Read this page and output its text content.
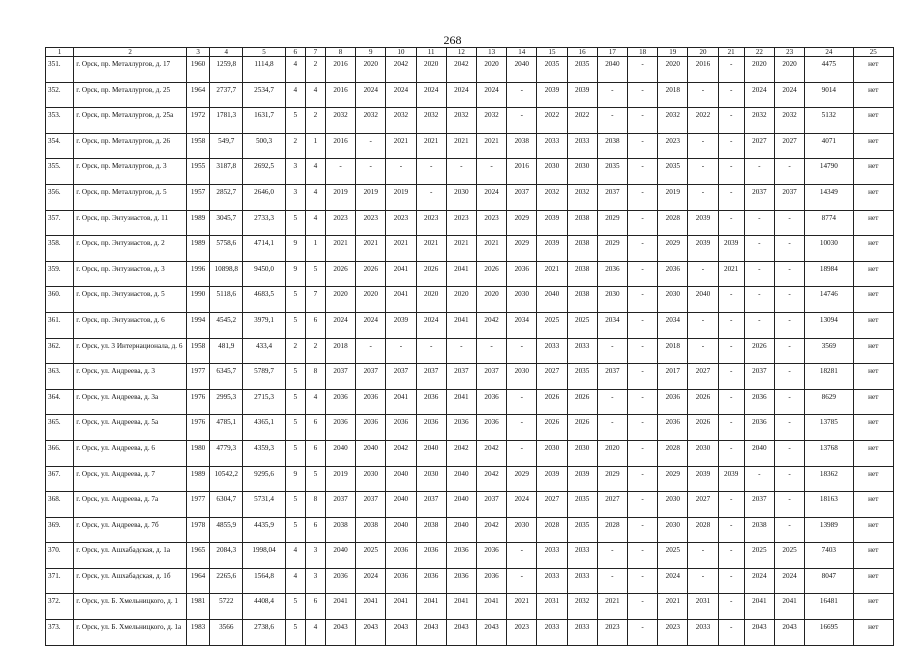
268
1	2	3	4	5	6	7	8	9	10	11	12	13	14	15	16	17	18	19	20	21	22	23	24	25
351.	г. Орск, пр. Металлургов, д. 17	1960	1259,8	1114,8	4	2	2016	2020	2042	2020	2042	2020	2040	2035	2035	2040	-	2020	2016	-	2020	2020	4475	нет
352.	г. Орск, пр. Металлургов, д. 25	1964	2737,7	2534,7	4	4	2016	2024	2024	2024	2024	2024	-	2039	2039	-	-	2018	-	-	2024	2024	9014	нет
353.	г. Орск, пр. Металлургов, д. 25а	1972	1781,3	1631,7	5	2	2032	2032	2032	2032	2032	2032	-	2022	2022	-	-	2032	2022	-	2032	2032	5132	нет
354.	г. Орск, пр. Металлургов, д. 26	1958	549,7	500,3	2	1	2016	-	2021	2021	2021	2021	2038	2033	2033	2038	-	2023	-	-	2027	2027	4071	нет
355.	г. Орск, пр. Металлургов, д. 3	1955	3187,8	2692,5	3	4	-	-	-	-	-	-	2016	2030	2030	2035	-	2035	-	-	-	-	14790	нет
356.	г. Орск, пр. Металлургов, д. 5	1957	2852,7	2646,0	3	4	2019	2019	2019	-	2030	2024	2037	2032	2032	2037	-	2019	-	-	2037	2037	14349	нет
357.	г. Орск, пр. Энтузиастов, д. 11	1989	3045,7	2733,3	5	4	2023	2023	2023	2023	2023	2023	2029	2039	2038	2029	-	2028	2039	-	-	-	8774	нет
358.	г. Орск, пр. Энтузиастов, д. 2	1989	5758,6	4714,1	9	1	2021	2021	2021	2021	2021	2021	2029	2039	2038	2029	-	2029	2039	2039	-	-	10030	нет
359.	г. Орск, пр. Энтузиастов, д. 3	1996	10898,8	9450,0	9	5	2026	2026	2041	2026	2041	2026	2036	2021	2038	2036	-	2036	-	2021	-	-	18984	нет
360.	г. Орск, пр. Энтузиастов, д. 5	1990	5118,6	4683,5	5	7	2020	2020	2041	2020	2020	2020	2030	2040	2038	2030	-	2030	2040	-	-	-	14746	нет
361.	г. Орск, пр. Энтузиастов, д. 6	1994	4545,2	3979,1	5	6	2024	2024	2039	2024	2041	2042	2034	2025	2025	2034	-	2034	-	-	-	-	13094	нет
362.	г. Орск, ул. 3 Интернационала, д. 6	1958	481,9	433,4	2	2	2018	-	-	-	-	-	-	2033	2033	-	-	2018	-	-	2026	-	3569	нет
363.	г. Орск, ул. Андреева, д. 3	1977	6345,7	5789,7	5	8	2037	2037	2037	2037	2037	2037	2030	2027	2035	2037	-	2017	2027	-	2037	-	18281	нет
364.	г. Орск, ул. Андреева, д. 3а	1976	2995,3	2715,3	5	4	2036	2036	2041	2036	2041	2036	-	2026	2026	-	-	2036	2026	-	2036	-	8629	нет
365.	г. Орск, ул. Андреева, д. 5а	1976	4785,1	4365,1	5	6	2036	2036	2036	2036	2036	2036	-	2026	2026	-	-	2036	2026	-	2036	-	13785	нет
366.	г. Орск, ул. Андреева, д. 6	1980	4779,3	4359,3	5	6	2040	2040	2042	2040	2042	2042	-	2030	2030	2020	-	2028	2030	-	2040	-	13768	нет
367.	г. Орск, ул. Андреева, д. 7	1989	10542,2	9295,6	9	5	2019	2030	2040	2030	2040	2042	2029	2039	2039	2029	-	2029	2039	2039	-	-	18362	нет
368.	г. Орск, ул. Андреева, д. 7а	1977	6304,7	5731,4	5	8	2037	2037	2040	2037	2040	2037	2024	2027	2035	2027	-	2030	2027	-	2037	-	18163	нет
369.	г. Орск, ул. Андреева, д. 7б	1978	4855,9	4435,9	5	6	2038	2038	2040	2038	2040	2042	2030	2028	2035	2028	-	2030	2028	-	2038	-	13989	нет
370.	г. Орск, ул. Ашхабадская, д. 1а	1965	2084,3	1998,04	4	3	2040	2025	2036	2036	2036	2036	-	2033	2033	-	-	2025	-	-	2025	2025	7403	нет
371.	г. Орск, ул. Ашхабадская, д. 1б	1964	2265,6	1564,8	4	3	2036	2024	2036	2036	2036	2036	-	2033	2033	-	-	2024	-	-	2024	2024	8047	нет
372.	г. Орск, ул. Б. Хмельницкого, д. 1	1981	5722	4408,4	5	6	2041	2041	2041	2041	2041	2041	2021	2031	2032	2021	-	2021	2031	-	2041	2041	16481	нет
373.	г. Орск, ул. Б. Хмельницкого, д. 1а	1983	3566	2738,6	5	4	2043	2043	2043	2043	2043	2043	2023	2033	2033	2023	-	2023	2033	-	2043	2043	16695	нет
